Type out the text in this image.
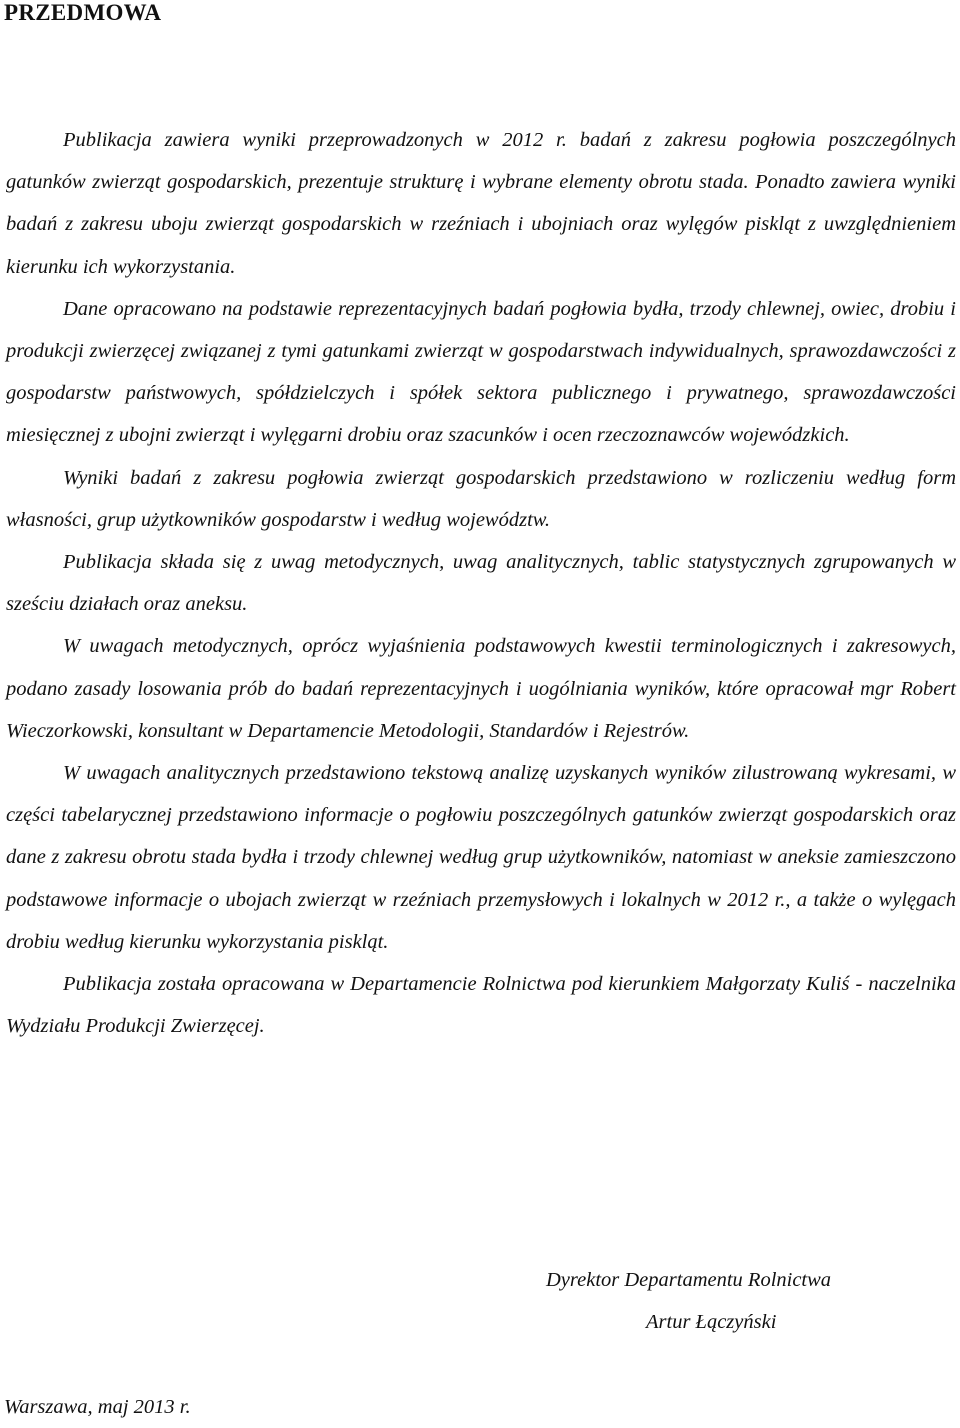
PRZEDMOWA

Publikacja zawiera wyniki przeprowadzonych w 2012 r. badań z zakresu pogłowia poszczególnych gatunków zwierząt gospodarskich, prezentuje strukturę i wybrane elementy obrotu stada. Ponadto zawiera wyniki badań z zakresu uboju zwierząt gospodarskich w rzeźniach i ubojniach oraz wylęgów piskląt z uwzględnieniem kierunku ich wykorzystania.

Dane opracowano na podstawie reprezentacyjnych badań pogłowia bydła, trzody chlewnej, owiec, drobiu i produkcji zwierzęcej związanej z tymi gatunkami zwierząt w gospodarstwach indywidualnych, sprawozdawczości z gospodarstw państwowych, spółdzielczych i spółek sektora publicznego i prywatnego, sprawozdawczości miesięcznej z ubojni zwierząt i wylęgarni drobiu oraz szacunków i ocen rzeczoznawców wojewódzkich.

Wyniki badań z zakresu pogłowia zwierząt gospodarskich przedstawiono w rozliczeniu według form własności, grup użytkowników gospodarstw i według województw.

Publikacja składa się z uwag metodycznych, uwag analitycznych, tablic statystycznych zgrupowanych w sześciu działach oraz aneksu.

W uwagach metodycznych, oprócz wyjaśnienia podstawowych kwestii terminologicznych i zakresowych, podano zasady losowania prób do badań reprezentacyjnych i uogólniania wyników, które opracował mgr Robert Wieczorkowski, konsultant w Departamencie Metodologii, Standardów i Rejestrów.

W uwagach analitycznych przedstawiono tekstową analizę uzyskanych wyników zilustrowaną wykresami, w części tabelarycznej przedstawiono informacje o pogłowiu poszczególnych gatunków zwierząt gospodarskich oraz dane z zakresu obrotu stada bydła i trzody chlewnej według grup użytkowników, natomiast w aneksie zamieszczono podstawowe informacje o ubojach zwierząt w rzeźniach przemysłowych i lokalnych w 2012 r., a także o wylęgach drobiu według kierunku wykorzystania piskląt.

Publikacja została opracowana w Departamencie Rolnictwa pod kierunkiem Małgorzaty Kuliś - naczelnika Wydziału Produkcji Zwierzęcej.

Dyrektor Departamentu Rolnictwa
Artur Łączyński
Warszawa, maj 2013 r.
